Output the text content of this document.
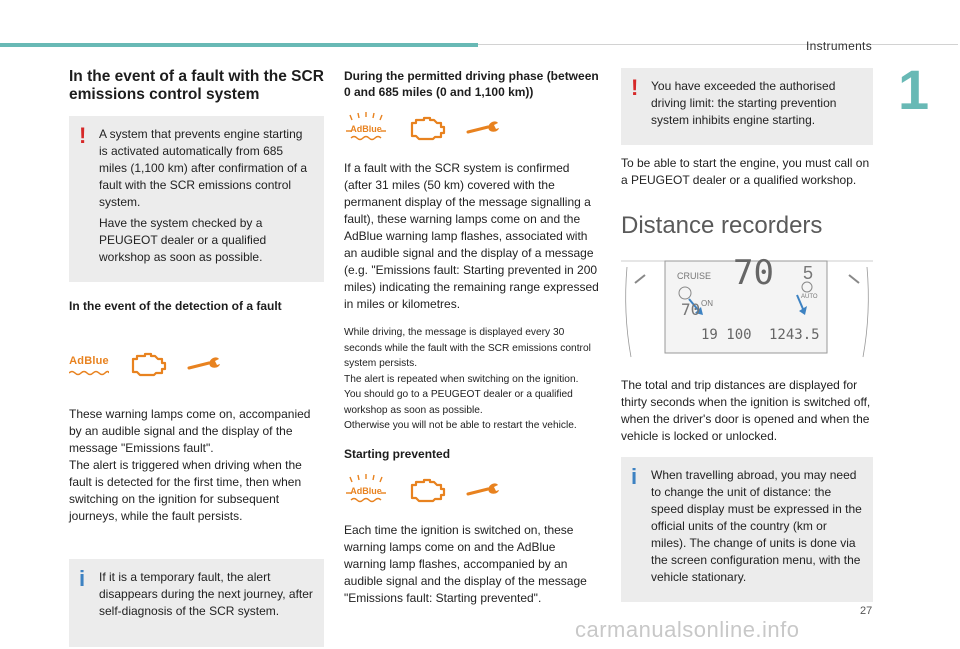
Instruments
1
In the event of a fault with the SCR emissions control system
! A system that prevents engine starting is activated automatically from 685 miles (1,100 km) after confirmation of a fault with the SCR emissions control system.

Have the system checked by a PEUGEOT dealer or a qualified workshop as soon as possible.

In the event of the detection of a fault
AdBlue

These warning lamps come on, accompanied by an audible signal and the display of the message "Emissions fault".

The alert is triggered when driving when the fault is detected for the first time, then when switching on the ignition for subsequent journeys, while the fault persists.

i If it is a temporary fault, the alert disappears during the next journey, after self-diagnosis of the SCR system.

During the permitted driving phase (between 0 and 685 miles (0 and 1,100 km))
AdBlue

If a fault with the SCR system is confirmed (after 31 miles (50 km) covered with the permanent display of the message signalling a fault), these warning lamps come on and the AdBlue warning lamp flashes, associated with an audible signal and the display of a message (e.g. "Emissions fault: Starting prevented in 200 miles) indicating the remaining range expressed in miles or kilometres.

While driving, the message is displayed every 30 seconds while the fault with the SCR emissions control system persists.
The alert is repeated when switching on the ignition.
You should go to a PEUGEOT dealer or a qualified workshop as soon as possible.
Otherwise you will not be able to restart the vehicle.
Starting prevented
AdBlue

Each time the ignition is switched on, these warning lamps come on and the AdBlue warning lamp flashes, accompanied by an audible signal and the display of the message "Emissions fault: Starting prevented".

! You have exceeded the authorised driving limit: the starting prevention system inhibits engine starting.

To be able to start the engine, you must call on a PEUGEOT dealer or a qualified workshop.

Distance recorders
CRUISE
ON
70
70 5
AUTO
19 100 1243.5

The total and trip distances are displayed for thirty seconds when the ignition is switched off, when the driver's door is opened and when the vehicle is locked or unlocked.

i When travelling abroad, you may need to change the unit of distance: the speed display must be expressed in the official units of the country (km or miles). The change of units is done via the screen configuration menu, with the vehicle stationary.

27
carmanualsonline.info
